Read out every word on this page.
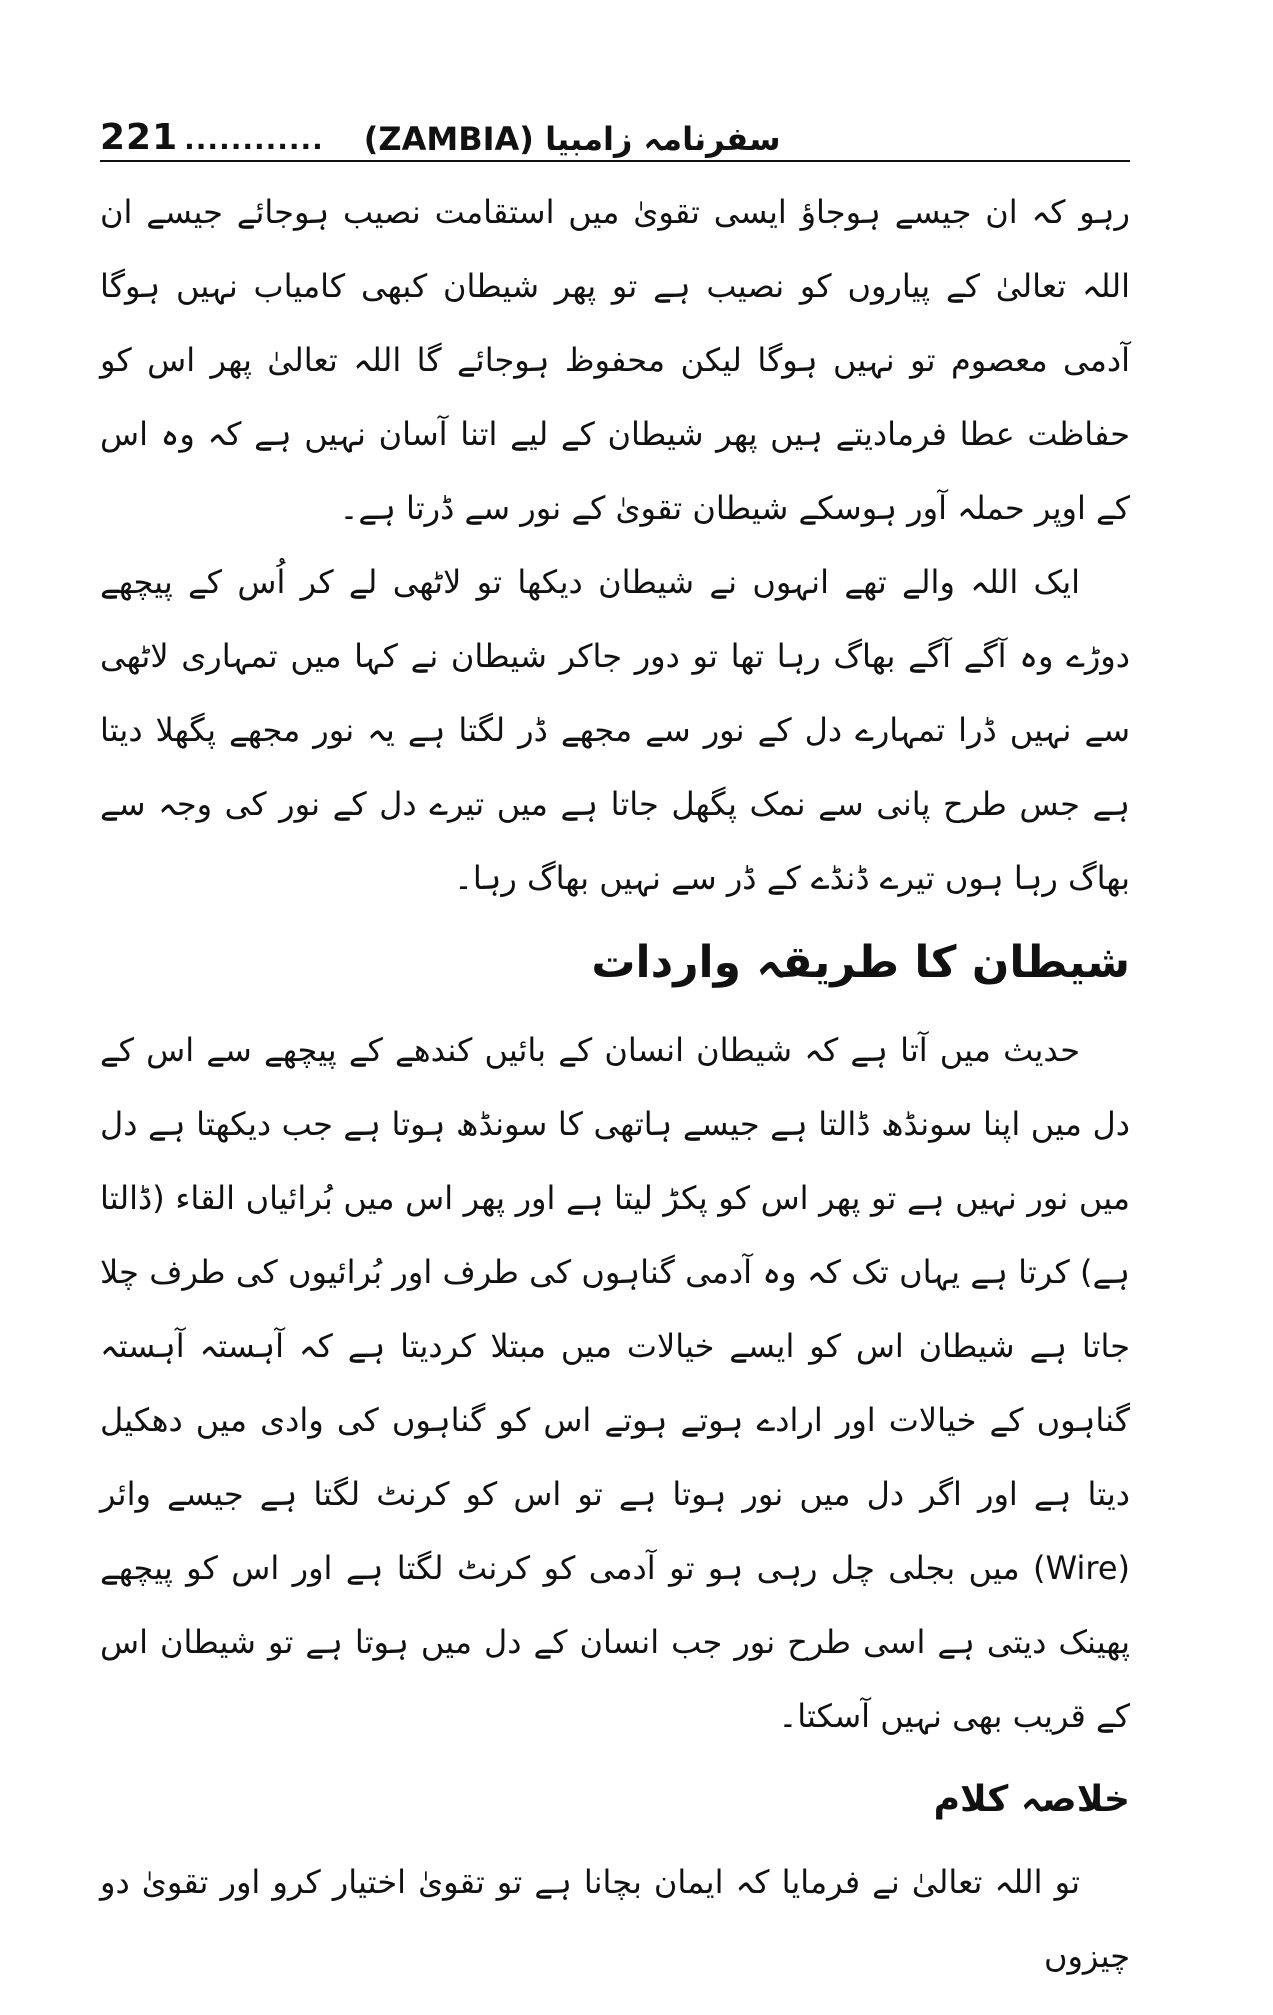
221 ............ سفرنامہ زامبیا (ZAMBIA)

رہو کہ ان جیسے ہوجاؤ ایسی تقویٰ میں استقامت نصیب ہوجائے جیسے ان اللہ تعالیٰ کے پیاروں کو نصیب ہے تو پھر شیطان کبھی کامیاب نہیں ہوگا آدمی معصوم تو نہیں ہوگا لیکن محفوظ ہوجائے گا اللہ تعالیٰ پھر اس کو حفاظت عطا فرمادیتے ہیں پھر شیطان کے لیے اتنا آسان نہیں ہے کہ وہ اس کے اوپر حملہ آور ہوسکے شیطان تقویٰ کے نور سے ڈرتا ہے۔

ایک اللہ والے تھے انہوں نے شیطان دیکھا تو لاٹھی لے کر اُس کے پیچھے دوڑے وہ آگے آگے بھاگ رہا تھا تو دور جاکر شیطان نے کہا میں تمہاری لاٹھی سے نہیں ڈرا تمہارے دل کے نور سے مجھے ڈر لگتا ہے یہ نور مجھے پگھلا دیتا ہے جس طرح پانی سے نمک پگھل جاتا ہے میں تیرے دل کے نور کی وجہ سے بھاگ رہا ہوں تیرے ڈنڈے کے ڈر سے نہیں بھاگ رہا۔

شیطان کا طریقہ واردات

حدیث میں آتا ہے کہ شیطان انسان کے بائیں کندھے کے پیچھے سے اس کے دل میں اپنا سونڈھ ڈالتا ہے جیسے ہاتھی کا سونڈھ ہوتا ہے جب دیکھتا ہے دل میں نور نہیں ہے تو پھر اس کو پکڑ لیتا ہے اور پھر اس میں بُرائیاں القاء (ڈالتا ہے) کرتا ہے یہاں تک کہ وہ آدمی گناہوں کی طرف اور بُرائیوں کی طرف چلا جاتا ہے شیطان اس کو ایسے خیالات میں مبتلا کردیتا ہے کہ آہستہ آہستہ گناہوں کے خیالات اور ارادے ہوتے ہوتے اس کو گناہوں کی وادی میں دھکیل دیتا ہے اور اگر دل میں نور ہوتا ہے تو اس کو کرنٹ لگتا ہے جیسے وائر (Wire) میں بجلی چل رہی ہو تو آدمی کو کرنٹ لگتا ہے اور اس کو پیچھے پھینک دیتی ہے اسی طرح نور جب انسان کے دل میں ہوتا ہے تو شیطان اس کے قریب بھی نہیں آسکتا۔

خلاصہ کلام

تو اللہ تعالیٰ نے فرمایا کہ ایمان بچانا ہے تو تقویٰ اختیار کرو اور تقویٰ دو چیزوں
